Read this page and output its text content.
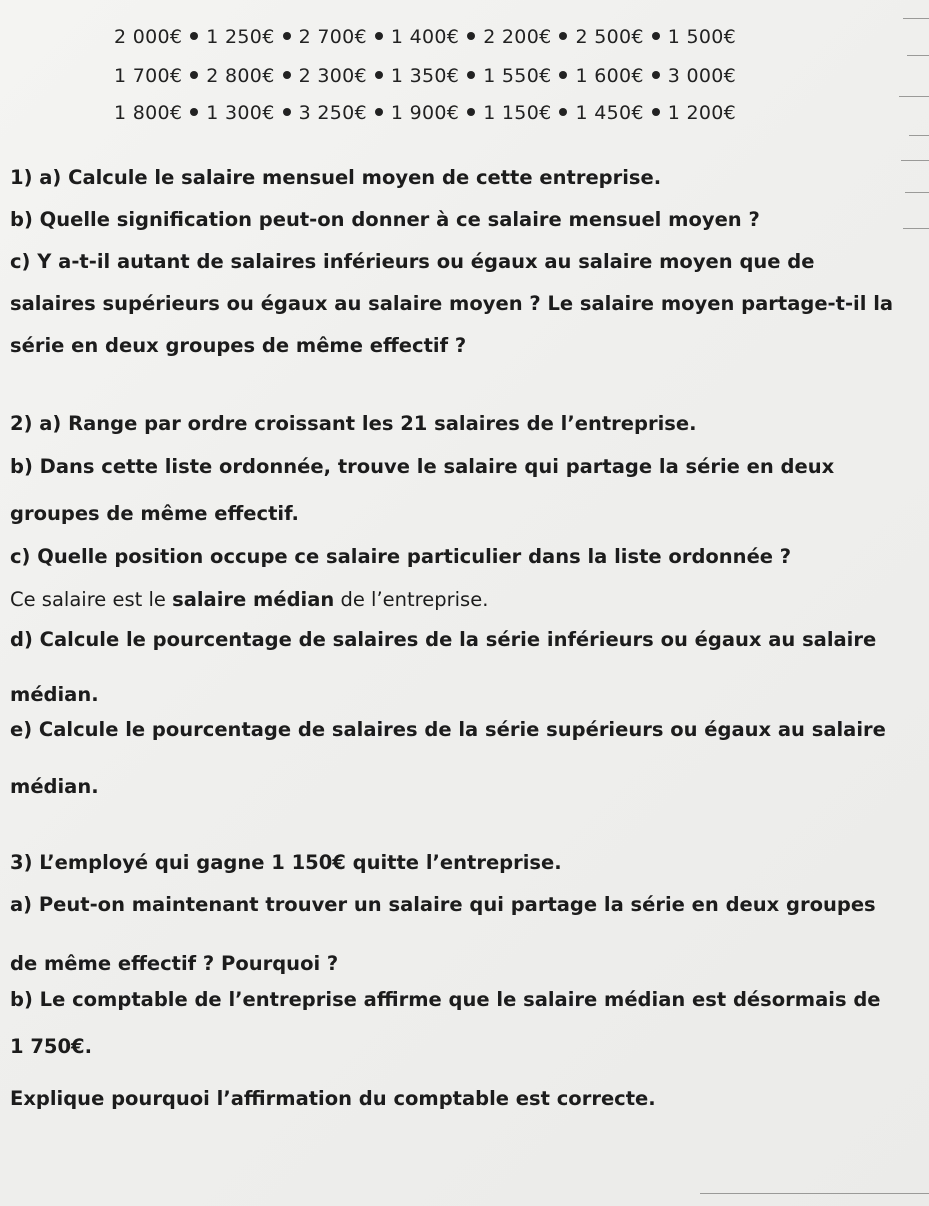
2 000€ 1 250€ 2 700€ 1 400€ 2 200€ 2 500€ 1 500€
1 700€ 2 800€ 2 300€ 1 350€ 1 550€ 1 600€ 3 000€
1 800€ 1 300€ 3 250€ 1 900€ 1 150€ 1 450€ 1 200€
1) a) Calcule le salaire mensuel moyen de cette entreprise.
b) Quelle signification peut-on donner à ce salaire mensuel moyen ?
c) Y a-t-il autant de salaires inférieurs ou égaux au salaire moyen que de
salaires supérieurs ou égaux au salaire moyen ? Le salaire moyen partage-t-il la
série en deux groupes de même effectif ?
2) a) Range par ordre croissant les 21 salaires de l’entreprise.
b) Dans cette liste ordonnée, trouve le salaire qui partage la série en deux
groupes de même effectif.
c) Quelle position occupe ce salaire particulier dans la liste ordonnée ?
Ce salaire est le salaire médian de l’entreprise.
d) Calcule le pourcentage de salaires de la série inférieurs ou égaux au salaire
médian.
e) Calcule le pourcentage de salaires de la série supérieurs ou égaux au salaire
médian.
3) L’employé qui gagne 1 150€ quitte l’entreprise.
a) Peut-on maintenant trouver un salaire qui partage la série en deux groupes
de même effectif ? Pourquoi ?
b) Le comptable de l’entreprise affirme que le salaire médian est désormais de
1 750€.
Explique pourquoi l’affirmation du comptable est correcte.
